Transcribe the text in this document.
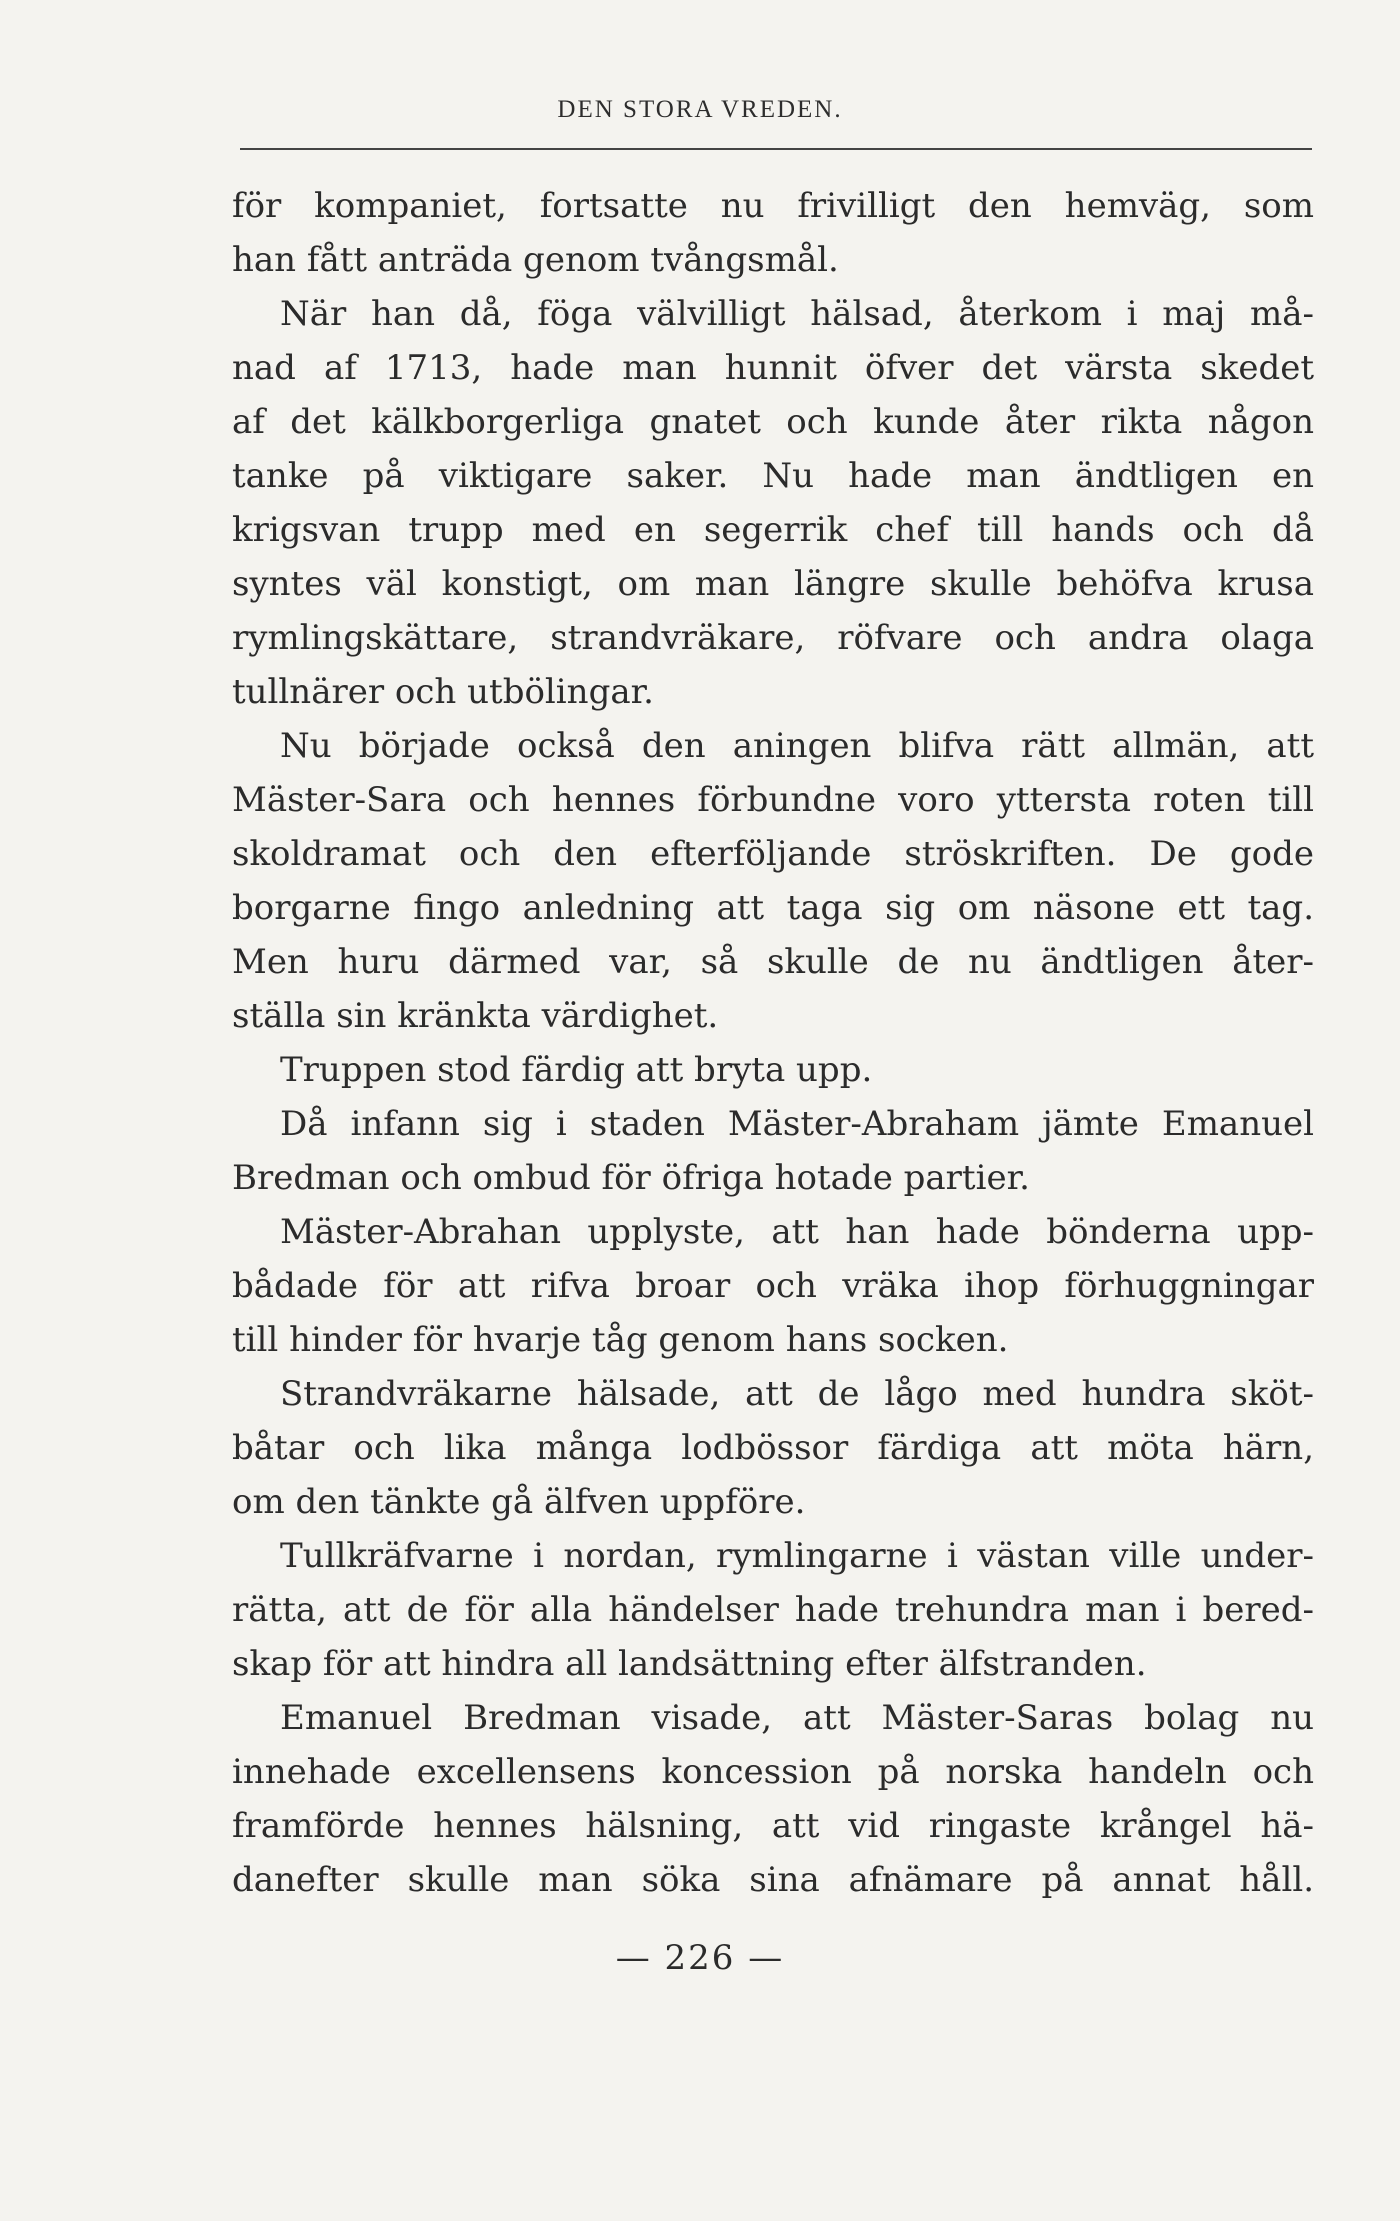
DEN STORA VREDEN.
för kompaniet, fortsatte nu frivilligt den hemväg, som
han fått anträda genom tvångsmål.
När han då, föga välvilligt hälsad, återkom i maj må-
nad af 1713, hade man hunnit öfver det värsta skedet
af det kälkborgerliga gnatet och kunde åter rikta någon
tanke på viktigare saker. Nu hade man ändtligen en
krigsvan trupp med en segerrik chef till hands och då
syntes väl konstigt, om man längre skulle behöfva krusa
rymlingskättare, strandvräkare, röfvare och andra olaga
tullnärer och utbölingar.
Nu började också den aningen blifva rätt allmän, att
Mäster-Sara och hennes förbundne voro yttersta roten till
skoldramat och den efterföljande ströskriften. De gode
borgarne fingo anledning att taga sig om näsone ett tag.
Men huru därmed var, så skulle de nu ändtligen åter-
ställa sin kränkta värdighet.
Truppen stod färdig att bryta upp.
Då infann sig i staden Mäster-Abraham jämte Emanuel
Bredman och ombud för öfriga hotade partier.
Mäster-Abrahan upplyste, att han hade bönderna upp-
bådade för att rifva broar och vräka ihop förhuggningar
till hinder för hvarje tåg genom hans socken.
Strandvräkarne hälsade, att de lågo med hundra sköt-
båtar och lika många lodbössor färdiga att möta härn,
om den tänkte gå älfven uppföre.
Tullkräfvarne i nordan, rymlingarne i västan ville under-
rätta, att de för alla händelser hade trehundra man i bered-
skap för att hindra all landsättning efter älfstranden.
Emanuel Bredman visade, att Mäster-Saras bolag nu
innehade excellensens koncession på norska handeln och
framförde hennes hälsning, att vid ringaste krångel hä-
danefter skulle man söka sina afnämare på annat håll.
— 226 —
